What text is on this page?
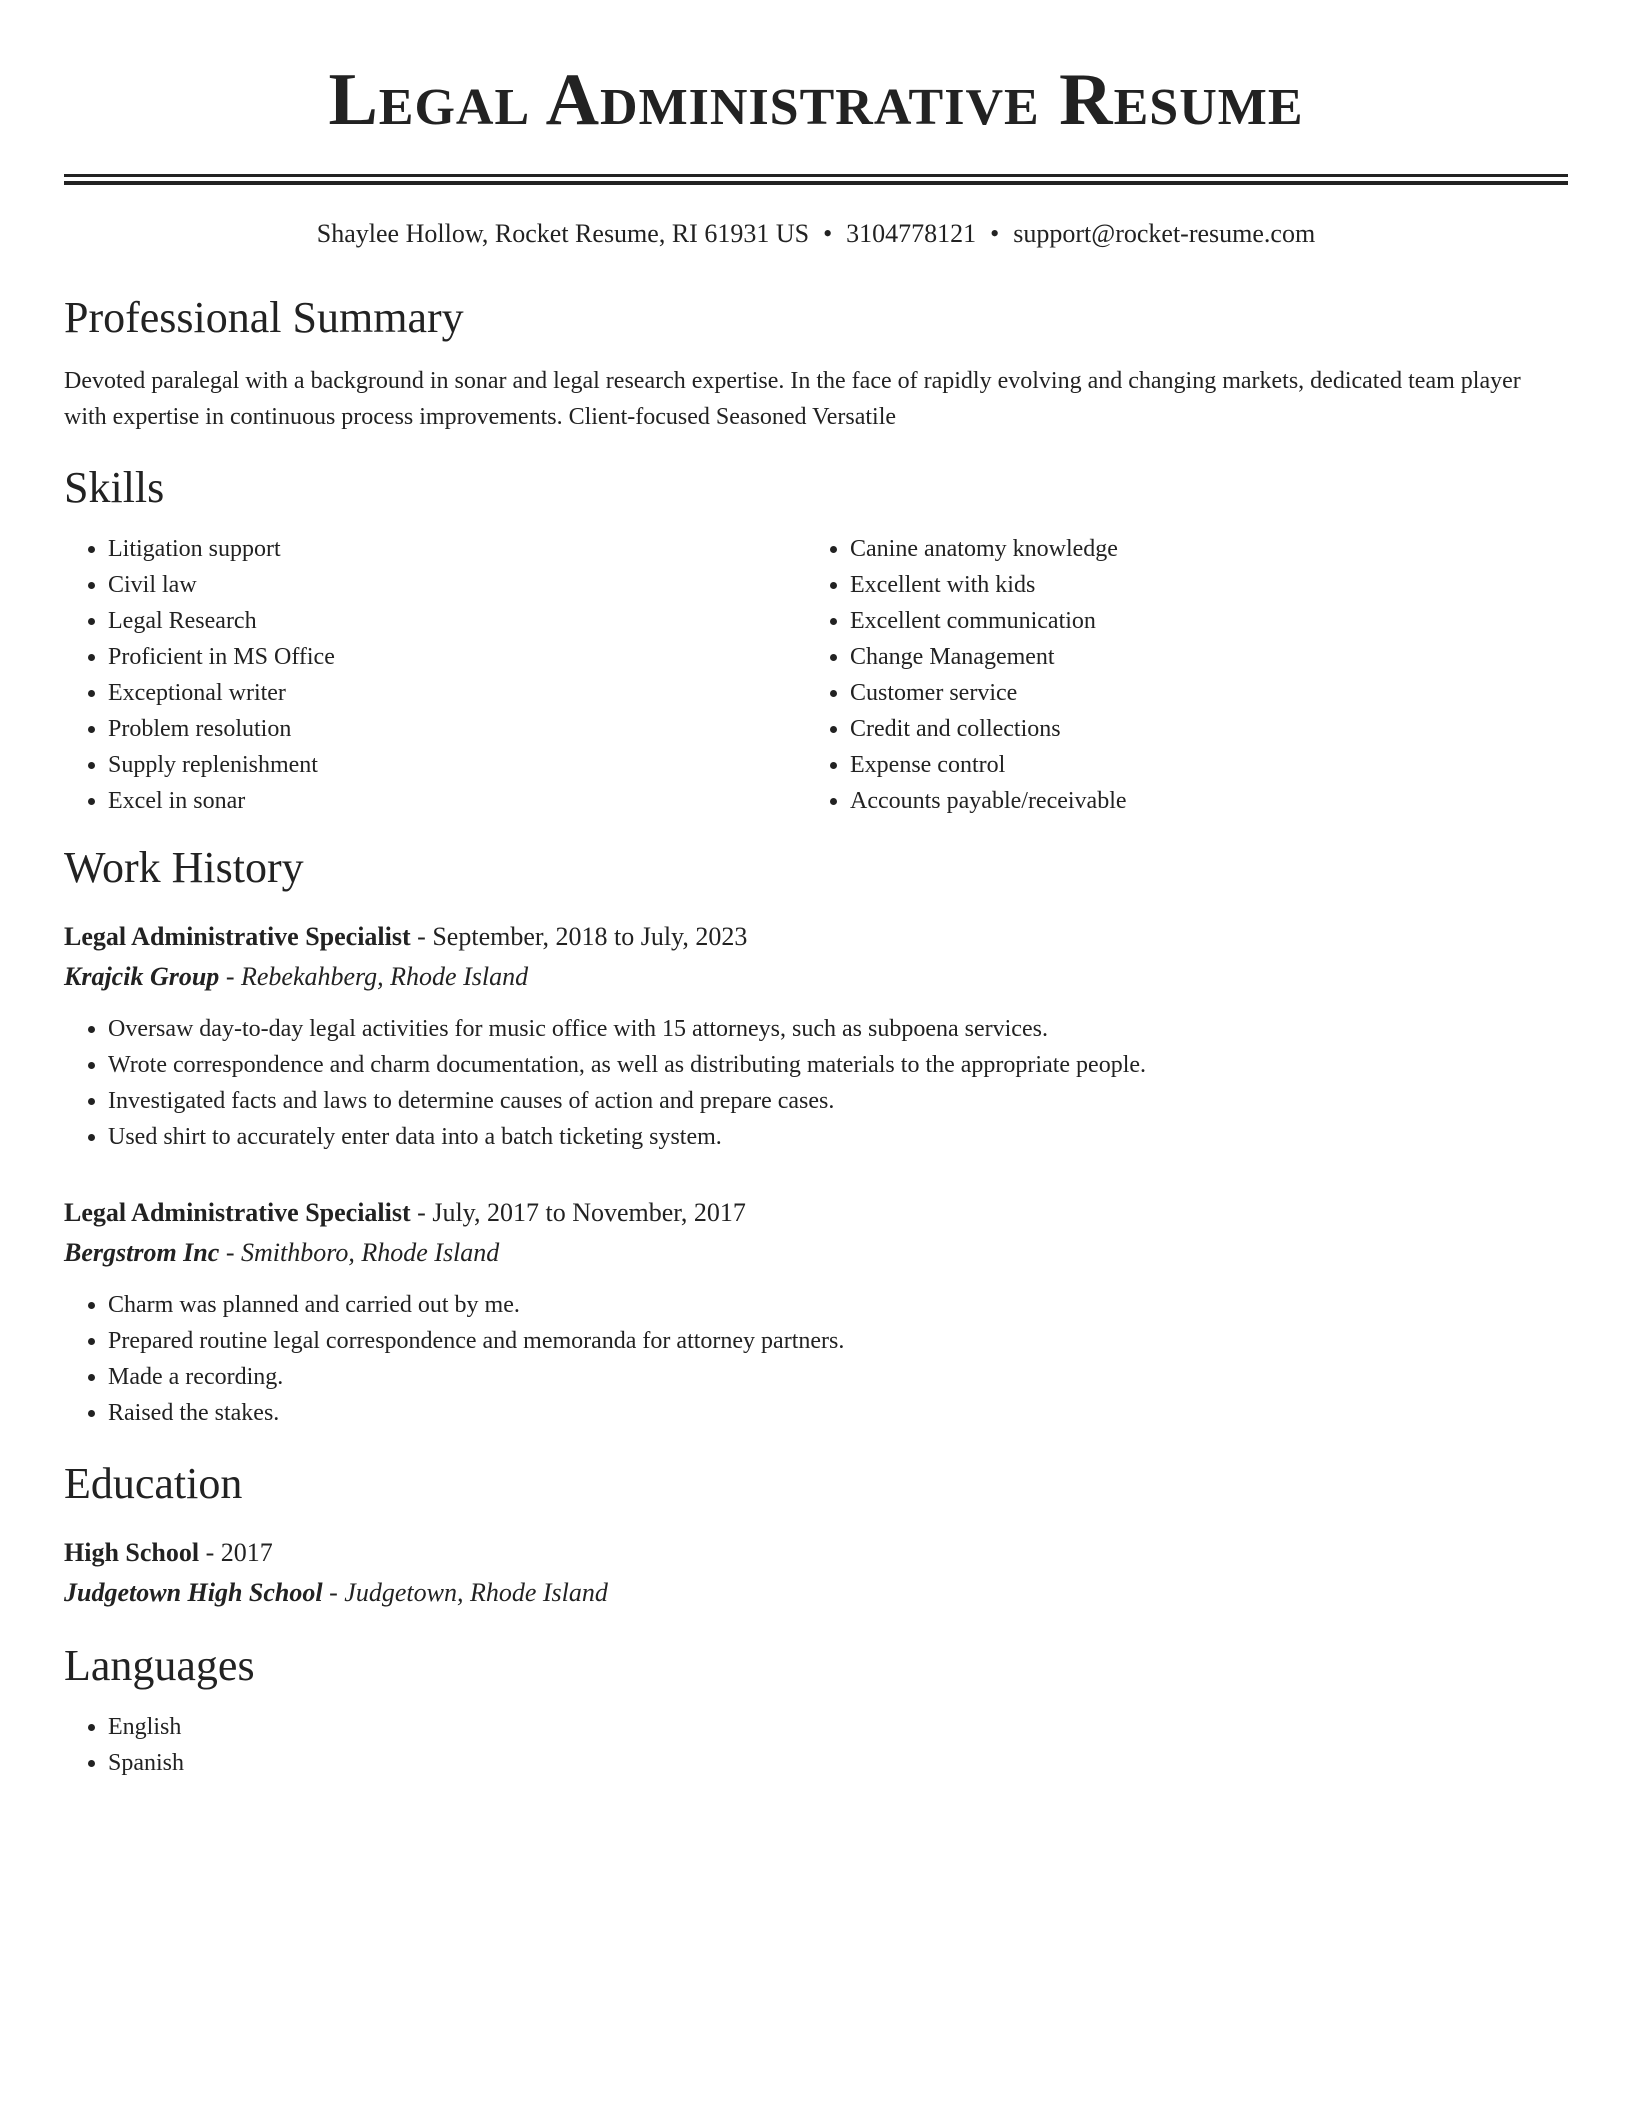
Legal Administrative Resume
Shaylee Hollow, Rocket Resume, RI 61931 US • 3104778121 • support@rocket-resume.com
Professional Summary

Devoted paralegal with a background in sonar and legal research expertise. In the face of rapidly evolving and changing markets, dedicated team player with expertise in continuous process improvements. Client-focused Seasoned Versatile

Skills
• Litigation support
• Civil law
• Legal Research
• Proficient in MS Office
• Exceptional writer
• Problem resolution
• Supply replenishment
• Excel in sonar
• Canine anatomy knowledge
• Excellent with kids
• Excellent communication
• Change Management
• Customer service
• Credit and collections
• Expense control
• Accounts payable/receivable
Work History
Legal Administrative Specialist - September, 2018 to July, 2023
Krajcik Group - Rebekahberg, Rhode Island
• Oversaw day-to-day legal activities for music office with 15 attorneys, such as subpoena services.
• Wrote correspondence and charm documentation, as well as distributing materials to the appropriate people.
• Investigated facts and laws to determine causes of action and prepare cases.
• Used shirt to accurately enter data into a batch ticketing system.
Legal Administrative Specialist - July, 2017 to November, 2017
Bergstrom Inc - Smithboro, Rhode Island
• Charm was planned and carried out by me.
• Prepared routine legal correspondence and memoranda for attorney partners.
• Made a recording.
• Raised the stakes.
Education
High School - 2017
Judgetown High School - Judgetown, Rhode Island
Languages
• English
• Spanish
